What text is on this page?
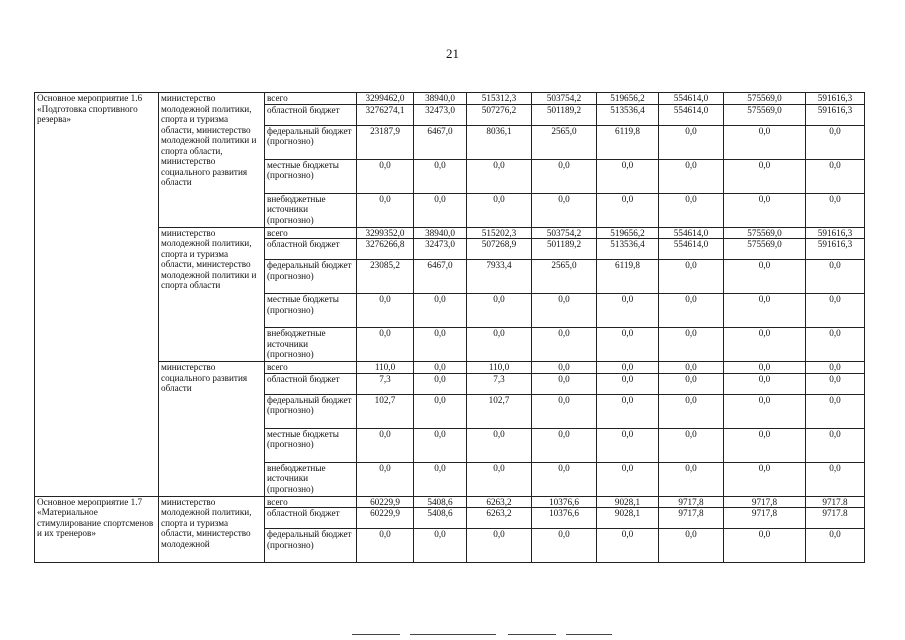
21
Основное мероприятие 1.6 «Подготовка спортивного резерва»	министерство молодежной политики, спорта и туризма области, министерство молодежной политики и спорта области, министерство социального развития области	всего	3299462,0	38940,0	515312,3	503754,2	519656,2	554614,0	575569,0	591616,3
		областной бюджет	3276274,1	32473,0	507276,2	501189,2	513536,4	554614,0	575569,0	591616,3
		федеральный бюджет (прогнозно)	23187,9	6467,0	8036,1	2565,0	6119,8	0,0	0,0	0,0
		местные бюджеты (прогнозно)	0,0	0,0	0,0	0,0	0,0	0,0	0,0	0,0
		внебюджетные источники (прогнозно)	0,0	0,0	0,0	0,0	0,0	0,0	0,0	0,0
	министерство молодежной политики, спорта и туризма области, министерство молодежной политики и спорта области	всего	3299352,0	38940,0	515202,3	503754,2	519656,2	554614,0	575569,0	591616,3
		областной бюджет	3276266,8	32473,0	507268,9	501189,2	513536,4	554614,0	575569,0	591616,3
		федеральный бюджет (прогнозно)	23085,2	6467,0	7933,4	2565,0	6119,8	0,0	0,0	0,0
		местные бюджеты (прогнозно)	0,0	0,0	0,0	0,0	0,0	0,0	0,0	0,0
		внебюджетные источники (прогнозно)	0,0	0,0	0,0	0,0	0,0	0,0	0,0	0,0
	министерство социального развития области	всего	110,0	0,0	110,0	0,0	0,0	0,0	0,0	0,0
		областной бюджет	7,3	0,0	7,3	0,0	0,0	0,0	0,0	0,0
		федеральный бюджет (прогнозно)	102,7	0,0	102,7	0,0	0,0	0,0	0,0	0,0
		местные бюджеты (прогнозно)	0,0	0,0	0,0	0,0	0,0	0,0	0,0	0,0
		внебюджетные источники (прогнозно)	0,0	0,0	0,0	0,0	0,0	0,0	0,0	0,0
Основное мероприятие 1.7 «Материальное стимулирование спортсменов и их тренеров»	министерство молодежной политики, спорта и туризма области, министерство молодежной	всего	60229,9	5408,6	6263,2	10376,6	9028,1	9717,8	9717,8	9717.8
		областной бюджет	60229,9	5408,6	6263,2	10376,6	9028,1	9717,8	9717,8	9717.8
		федеральный бюджет (прогнозно)	0,0	0,0	0,0	0,0	0,0	0,0	0,0	0,0
